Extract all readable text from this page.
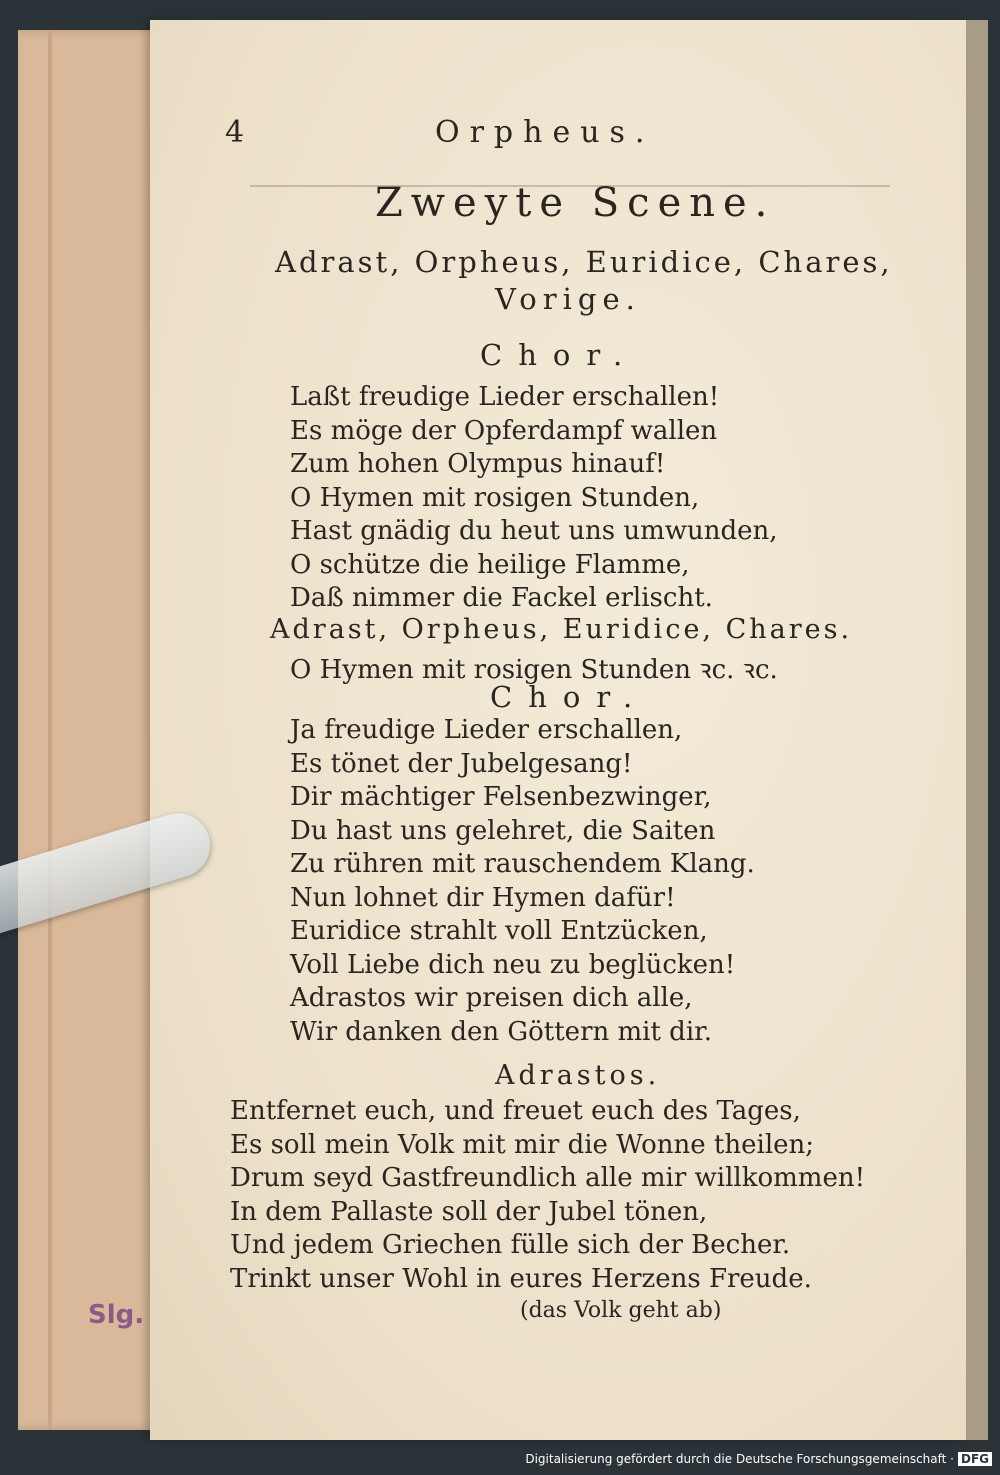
Slg.
4	Orpheus.
Zweyte Scene.
Adrast, Orpheus, Euridice, Chares,
Vorige.
Chor.
Laßt freudige Lieder erschallen!
Es möge der Opferdampf wallen
Zum hohen Olympus hinauf!
O Hymen mit rosigen Stunden,
Hast gnädig du heut uns umwunden,
O schütze die heilige Flamme,
Daß nimmer die Fackel erlischt.
Adrast, Orpheus, Euridice, Chares.
O Hymen mit rosigen Stunden ꝛc. ꝛc.
Chor.
Ja freudige Lieder erschallen,
Es tönet der Jubelgesang!
Dir mächtiger Felsenbezwinger,
Du hast uns gelehret, die Saiten
Zu rühren mit rauschendem Klang.
Nun lohnet dir Hymen dafür!
Euridice strahlt voll Entzücken,
Voll Liebe dich neu zu beglücken!
Adrastos wir preisen dich alle,
Wir danken den Göttern mit dir.
Adrastos.
Entfernet euch, und freuet euch des Tages,
Es soll mein Volk mit mir die Wonne theilen;
Drum seyd Gastfreundlich alle mir willkommen!
In dem Pallaste soll der Jubel tönen,
Und jedem Griechen fülle sich der Becher.
Trinkt unser Wohl in eures Herzens Freude.
(das Volk geht ab)
Digitalisierung gefördert durch die Deutsche Forschungsgemeinschaft · DFG
